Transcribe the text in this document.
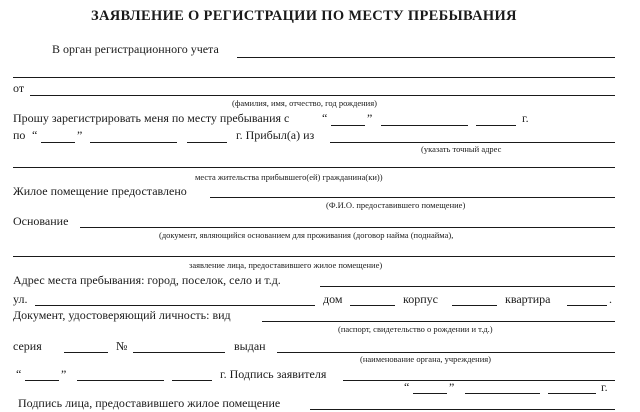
ЗАЯВЛЕНИЕ О РЕГИСТРАЦИИ ПО МЕСТУ ПРЕБЫВАНИЯ
В орган регистрационного учета
от
(фамилия, имя, отчество, год рождения)
Прошу зарегистрировать меня по месту пребывания с	“	”	г.
по “	”	г. Прибыл(а) из
(указать точный адрес
места жительства прибывшего(ей) гражданина(ки))
Жилое помещение предоставлено
(Ф.И.О. предоставившего помещение)
Основание
(документ, являющийся основанием для проживания (договор найма (поднайма),
заявление лица, предоставившего жилое помещение)
Адрес места пребывания: город, поселок, село и т.д.
ул.	дом	корпус	квартира	.
Документ, удостоверяющий личность: вид
(паспорт, свидетельство о рождении и т.д.)
серия	№	выдан
(наименование органа, учреждения)
“	”	г. Подпись заявителя
“	”	г.
Подпись лица, предоставившего жилое помещение
